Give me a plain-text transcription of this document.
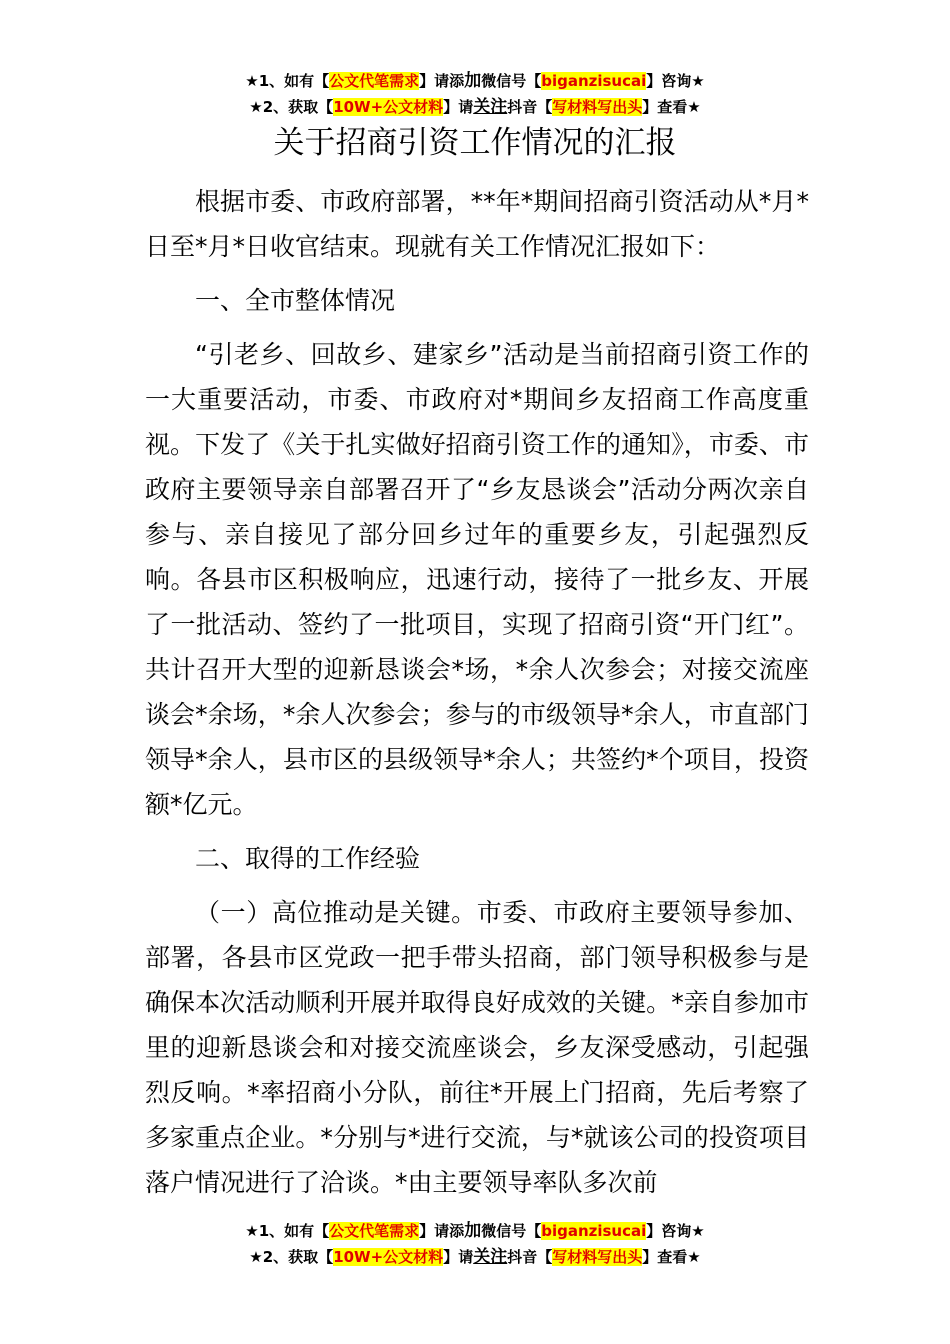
★1、如有【公文代笔需求】请添加微信号【biganzisucai】咨询★
★2、获取【10W+公文材料】请关注抖音【写材料写出头】查看★
关于招商引资工作情况的汇报

根据市委、市政府部署，**年*期间招商引资活动从*月*日至*月*日收官结束。现就有关工作情况汇报如下：

一、全市整体情况

“引老乡、回故乡、建家乡”活动是当前招商引资工作的一大重要活动，市委、市政府对*期间乡友招商工作高度重视。下发了《关于扎实做好招商引资工作的通知》，市委、市政府主要领导亲自部署召开了“乡友恳谈会”活动分两次亲自参与、亲自接见了部分回乡过年的重要乡友，引起强烈反响。各县市区积极响应，迅速行动，接待了一批乡友、开展了一批活动、签约了一批项目，实现了招商引资“开门红”。共计召开大型的迎新恳谈会*场，*余人次参会；对接交流座谈会*余场，*余人次参会；参与的市级领导*余人，市直部门领导*余人，县市区的县级领导*余人；共签约*个项目，投资额*亿元。

二、取得的工作经验

（一）高位推动是关键。市委、市政府主要领导参加、部署，各县市区党政一把手带头招商，部门领导积极参与是确保本次活动顺利开展并取得良好成效的关键。*亲自参加市里的迎新恳谈会和对接交流座谈会，乡友深受感动，引起强烈反响。*率招商小分队，前往*开展上门招商，先后考察了多家重点企业。*分别与*进行交流，与*就该公司的投资项目落户情况进行了洽谈。*由主要领导率队多次前

★1、如有【公文代笔需求】请添加微信号【biganzisucai】咨询★
★2、获取【10W+公文材料】请关注抖音【写材料写出头】查看★
